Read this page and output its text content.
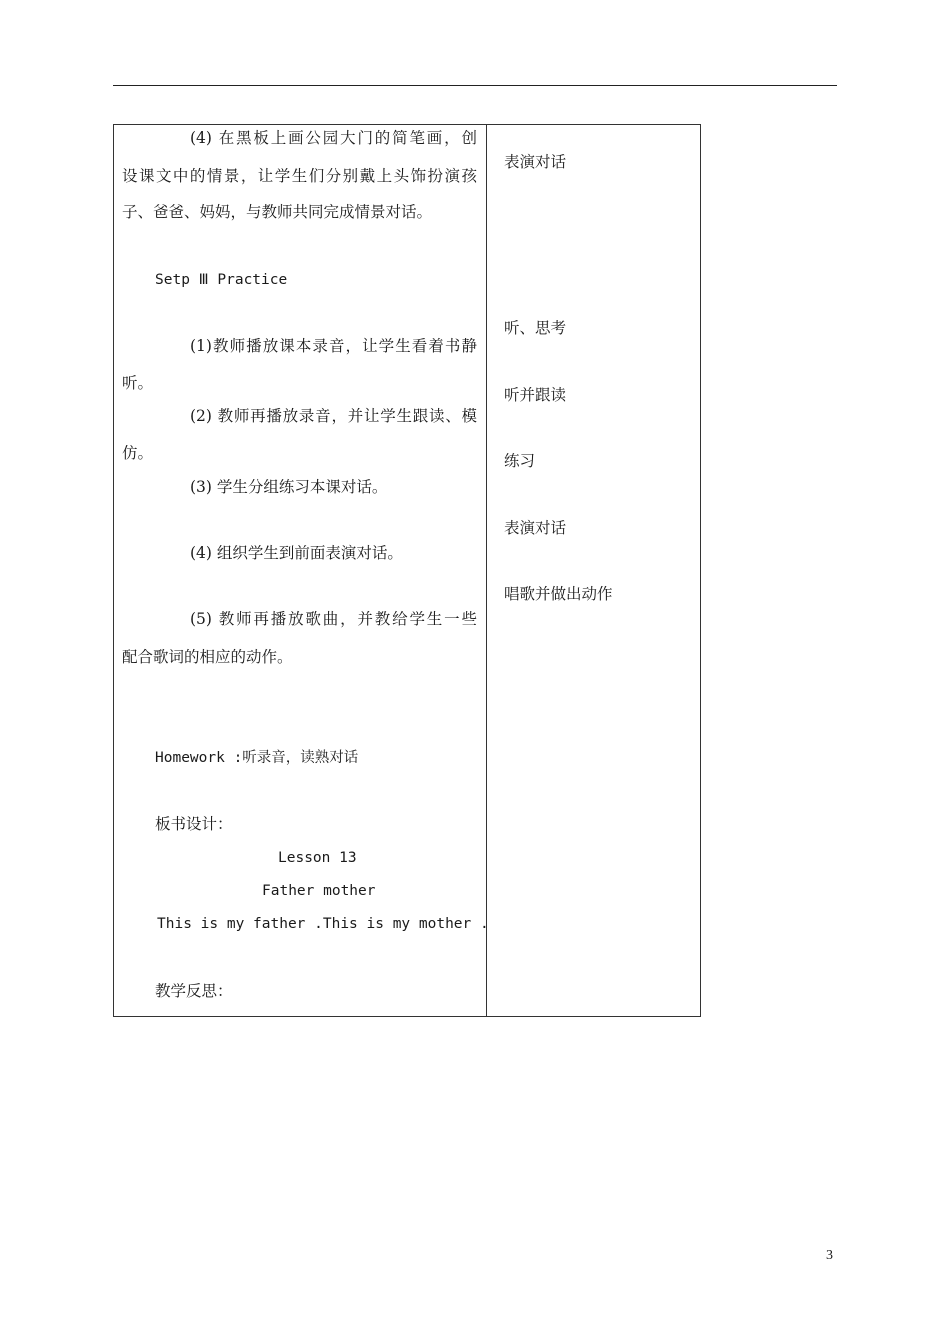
(4) 在黑板上画公园大门的简笔画，创
设课文中的情景，让学生们分别戴上头饰扮演孩
子、爸爸、妈妈，与教师共同完成情景对话。
Setp Ⅲ Practice
(1)教师播放课本录音，让学生看着书静
听。
(2) 教师再播放录音，并让学生跟读、模
仿。
(3) 学生分组练习本课对话。
(4) 组织学生到前面表演对话。
(5) 教师再播放歌曲，并教给学生一些
配合歌词的相应的动作。
Homework :听录音，读熟对话
板书设计：
Lesson 13
Father mother
This is my father .This is my mother .
教学反思：
表演对话
听、思考
听并跟读
练习
表演对话
唱歌并做出动作
3
